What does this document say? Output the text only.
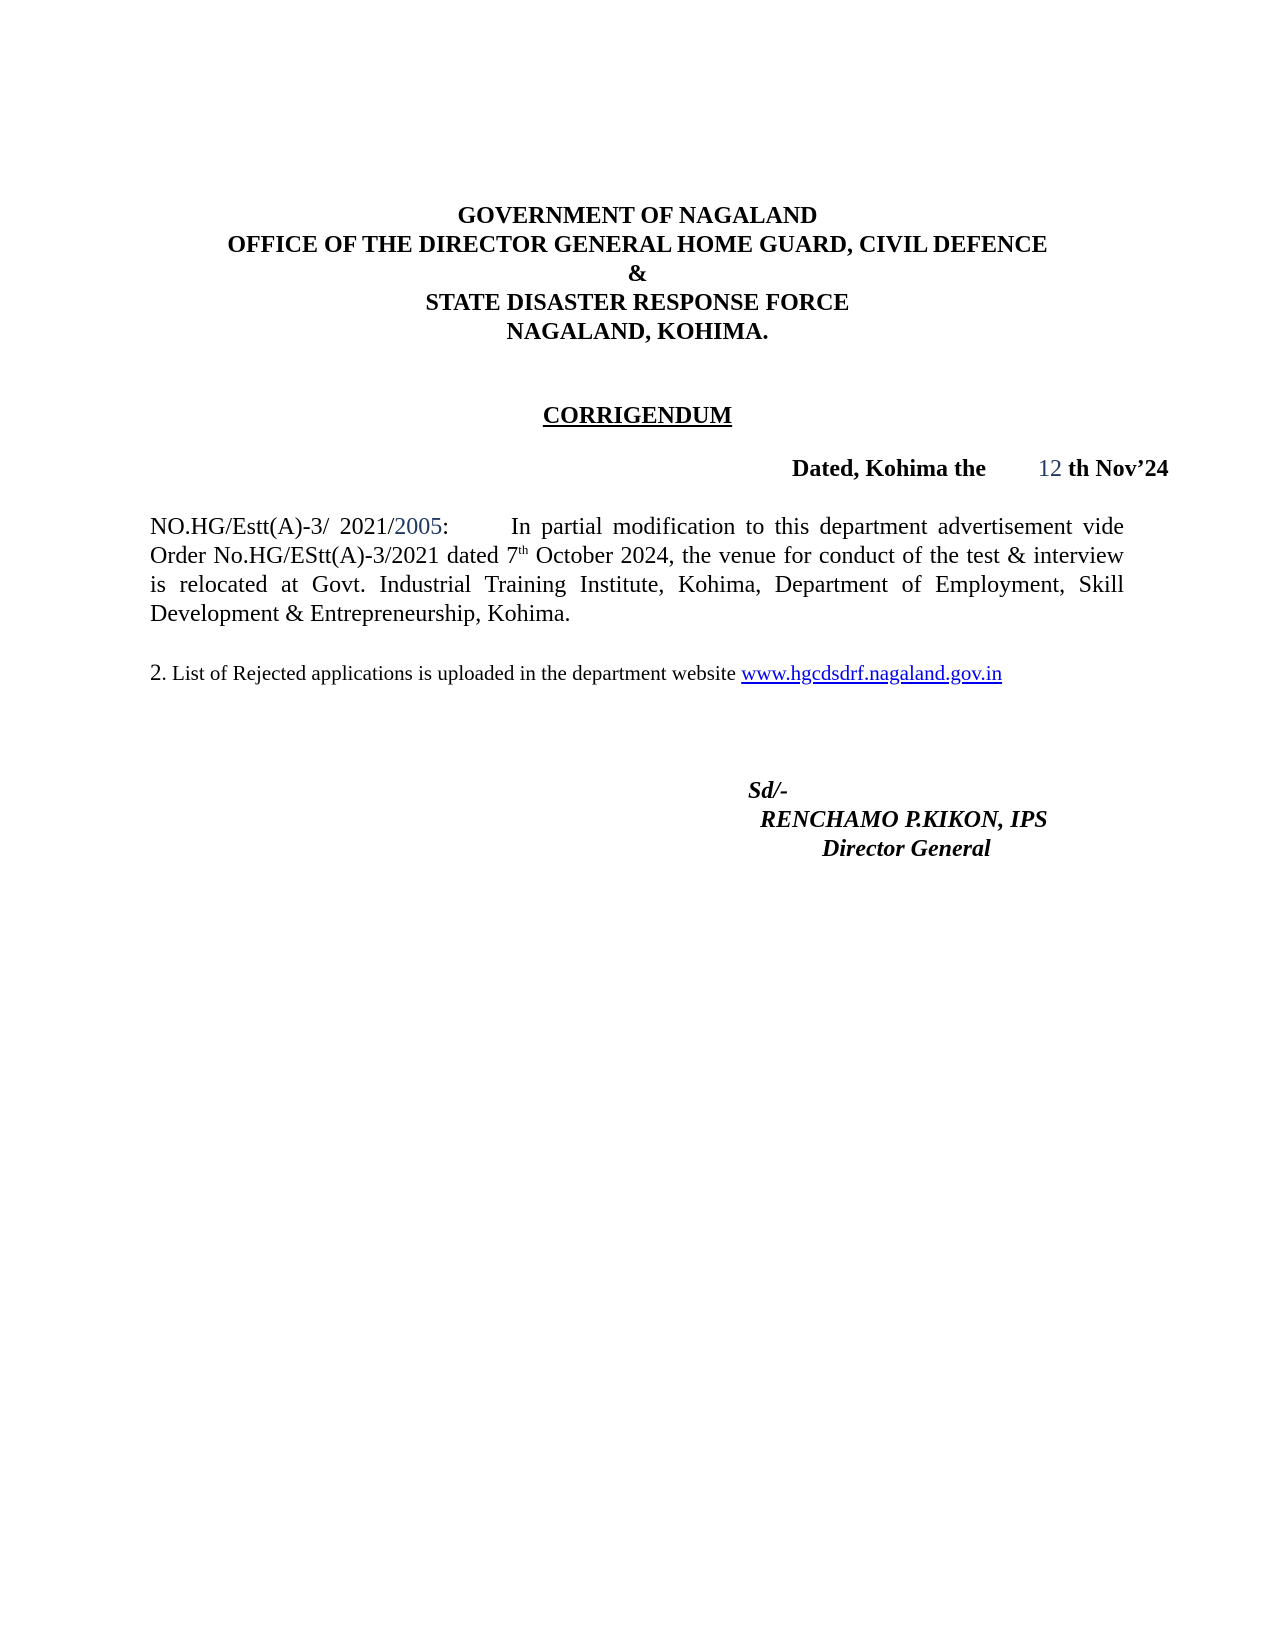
GOVERNMENT OF NAGALAND
OFFICE OF THE DIRECTOR GENERAL HOME GUARD, CIVIL DEFENCE
&
STATE DISASTER RESPONSE FORCE
NAGALAND, KOHIMA.
CORRIGENDUM
Dated, Kohima the 12 th Nov’24
NO.HG/Estt(A)-3/ 2021/2005:	In partial modification to this department advertisement vide Order No.HG/EStt(A)-3/2021 dated 7th October 2024, the venue for conduct of the test & interview is relocated at Govt. Industrial Training Institute, Kohima, Department of Employment, Skill Development & Entrepreneurship, Kohima.
2. List of Rejected applications is uploaded in the department website www.hgcdsdrf.nagaland.gov.in
Sd/-
RENCHAMO P.KIKON, IPS
Director General
